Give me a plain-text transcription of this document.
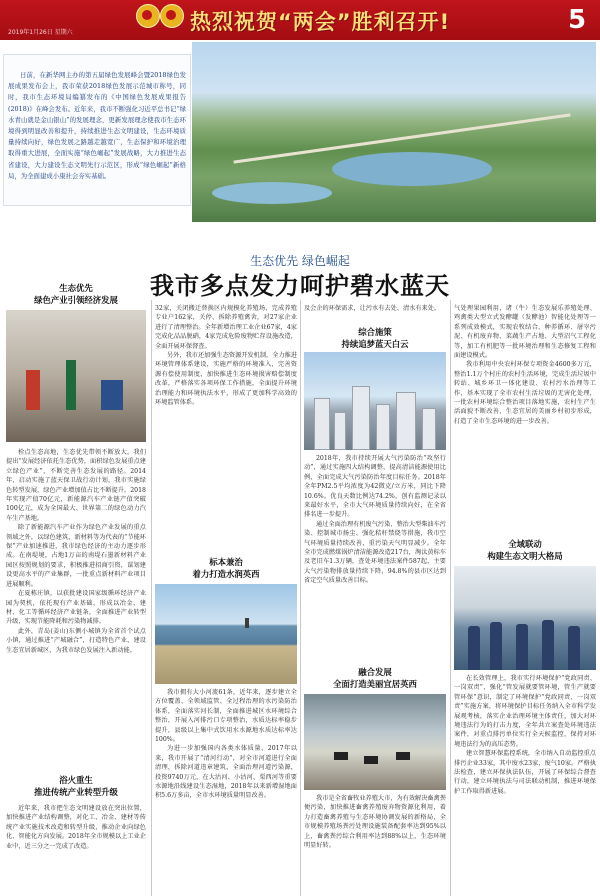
热烈祝贺“两会”胜利召开!	5
2019年1月26日 星期六
日前，在新华网主办的第五届绿色发展峰会暨2018绿色发展成果发布会上，我市荣获2018绿色发展示范城市称号，同时，我市生态环境局编纂发布的《中国绿色发展成果报告(2018)》在峰会发布。近年来，我市不断强化习近平总书记“绿水青山就是金山银山”的发展理念，更新发展理念使我市生态环境得到明显改善和提升，持续推进生态文明建设，生态环境质量持续向好，绿色发展之路越走越宽广，生态保护和环境治理取得重大进展，全面实施“绿色崛起”发展战略，大力推进生态省建设，大力建设生态文明先行示范区，形成“绿色崛起”新格局，为全面建成小康社会夯实基础。
生态优先 绿色崛起
我市多点发力呵护碧水蓝天
生态优先
绿色产业引领经济发展

栓点生态高地，生态优先带领不断放大。我们提出“发展经济依托生态优势，面积绿色发展重点建立绿色产业”，不断完善生态发展的路径。2014年，启动实施了蓝天保卫战行动计划，我市实施绿色转型发展，绿色产业增加值占比不断提升。2018年实现产值70亿元，新能源汽车产业链产值突破100亿元，成为全国最大、世界第二的绿色动力汽车生产基地。

除了新能源汽车产业作为绿色产业发展的重点领域之外，以绿色建筑、新材料等为代表的“节能环保”产业加速推进，我市绿色经济的主动力逐步形成。在南堤境，占地1万亩的南堤石墨新材料产业园区按照规划的要求，积极推进招商引资，谋划建设更高水平的产业集群，一批重点新材料产业项目进展顺利。

在夏栋庄镇，以获批建设国家级循环经济产业园为契机，依托现有产业基础，形成以冶金、建材、化工等循环经济产业链条，全面推进产业转型升级，实现节能降耗和污染物减排。

此外，青岛(姜山)东侧小城镇为全省首个试点小镇，通过推进“产城融合”，打造特色产业，建设生态宜居新城区，为我市绿色发展注入新动能。

浴火重生
推进传统产业转型升级

近年来，我市把生态文明建设放在突出位置，加快推进产业结构调整，对化工、冶金、建材等传统产业实施技术改造和转型升级，推动企业向绿色化、智能化方向发展。2018年全市规模以上工业企业中，近三分之一完成了改造。

32家，关闭搬迁替换区内规模化养殖场，完成养殖专业户162家，关停、拆除养殖禽舍，对27家企业进行了清理整治。全年新增治理工业企业67家，4家完成化品品脱硝，4家完成危险废物贮存设施改造，全面开展环保督查。

另外，我市还加强生态资源开发机制，全力推进环境管理体系建设，实施严格的环境准入，完善资源有偿使用制度，加快推进生态环境损害赔偿制度改革，严格落实各项环保工作措施，全面提升环境治理能力和环境执法水平，形成了更加科学高效的环境监管体系。

标本兼治
着力打造水润英西

我市拥有大小河流61条，近年来，逐步建立全方位覆盖、全领域监管、全过程治理的水污染防治体系，全面落实河长制，全面推进城区水环境综合整治，开展入河排污口专项整治，水质达标率稳步提升，县级以上集中式饮用水水源地水质达标率达100%。

为进一步加强国内各类水体质量，2017年以来，我市开展了“清河行动”，对全市河道进行全面清理，拆除河道违章建筑，全面治理河道污染源，投资9740万元，在大沽河、小沽河、栗西河等重要水源地沿线建设生态湿地，2018年以来新增湿地面积5.6万多亩，全市水环境质量明显改善。

及会企的环保需求，让污水有去处、清水有来处。

综合施策
持续追梦蓝天白云

2018年，我市持续开展大气污染防治“攻坚行动”，通过实施四大结构调整，提高清洁能源使用比例，全面完成大气污染防治年度目标任务。2018年全年PM2.5平均浓度为42微克/立方米，同比下降10.6%。优良天数比例达74.2%，创有监测记录以来最好水平，全市大气环境质量持续向好，在全省排名进一步提升。

通过全面治理有机废气污染、整治大型柴油车污染、控制城市扬尘、强化秸秆禁烧等措施，我市空气环境质量持续改善，重污染天气明显减少。全年全市完成燃煤锅炉清洁能源改造217台，淘汰黄标车及老旧车1.3万辆，查处环境违法案件587起，主要大气污染物排放量持续下降，94.8%的县市区达到省定空气质量改善目标。

融合发展
全面打造美丽宜居英西

我市是全省畜牧业养殖大市，为有效解决畜禽粪便污染，加快推进畜禽养殖废弃物资源化利用，着力打造畜禽养殖与生态环境协调发展的新格局，全市规模养殖场粪污处理设施装备配套率达到95%以上，畜禽粪污综合利用率达到88%以上，生态环境明显好转。

气处理果园利用，诸（牛）生态发展乐养殖处理、鸡禽类大型立式发酵罐（发酵池）智能化处理等一系列成效模式，实现农牧结合、种养循环、屠宰污泥、有机废弃物、菜蔬生产占地、大型沼气工程化等，加工有机肥等一批环境治理和生态修复工程和面建设模式。

我市利用中央农村环保专项资金4600多万元，整治1.1万个村庄的农村生活环境，完成生活垃圾中转站、城乡环卫一体化建设、农村污水治理等工作，基本实现了全市农村生活垃圾的无害化处理，一批农村环境综合整治项目落地实施，农村生产生活面貌不断改善，生态宜居的美丽乡村初步形成，打造了全市生态环境的进一步改善。

全域联动
构建生态文明大格局

在长效管理上，我市实行环境保护“党政同责、一岗双责”，强化“管发展就要管环境，管生产就要管环保”意识，制定了环境保护“党政同责、一岗双责”实施方案，将环境保护目标任务纳入全市科学发展观考核，落实企业治理环境主体责任，加大对环境违法行为的打击力度，全年共立案查处环境违法案件，对重点排污单位实行全天候监控，保持对环境违法行为的高压态势。

建立智慧环保监控系统，全市纳入自动监控重点排污企业33家，其中废水23家，废气10家。严格执法检查，建立环保执法队伍，开展了环保综合督查行动，建立环境执法与司法联动机制，推进环境保护工作取得新进展。
